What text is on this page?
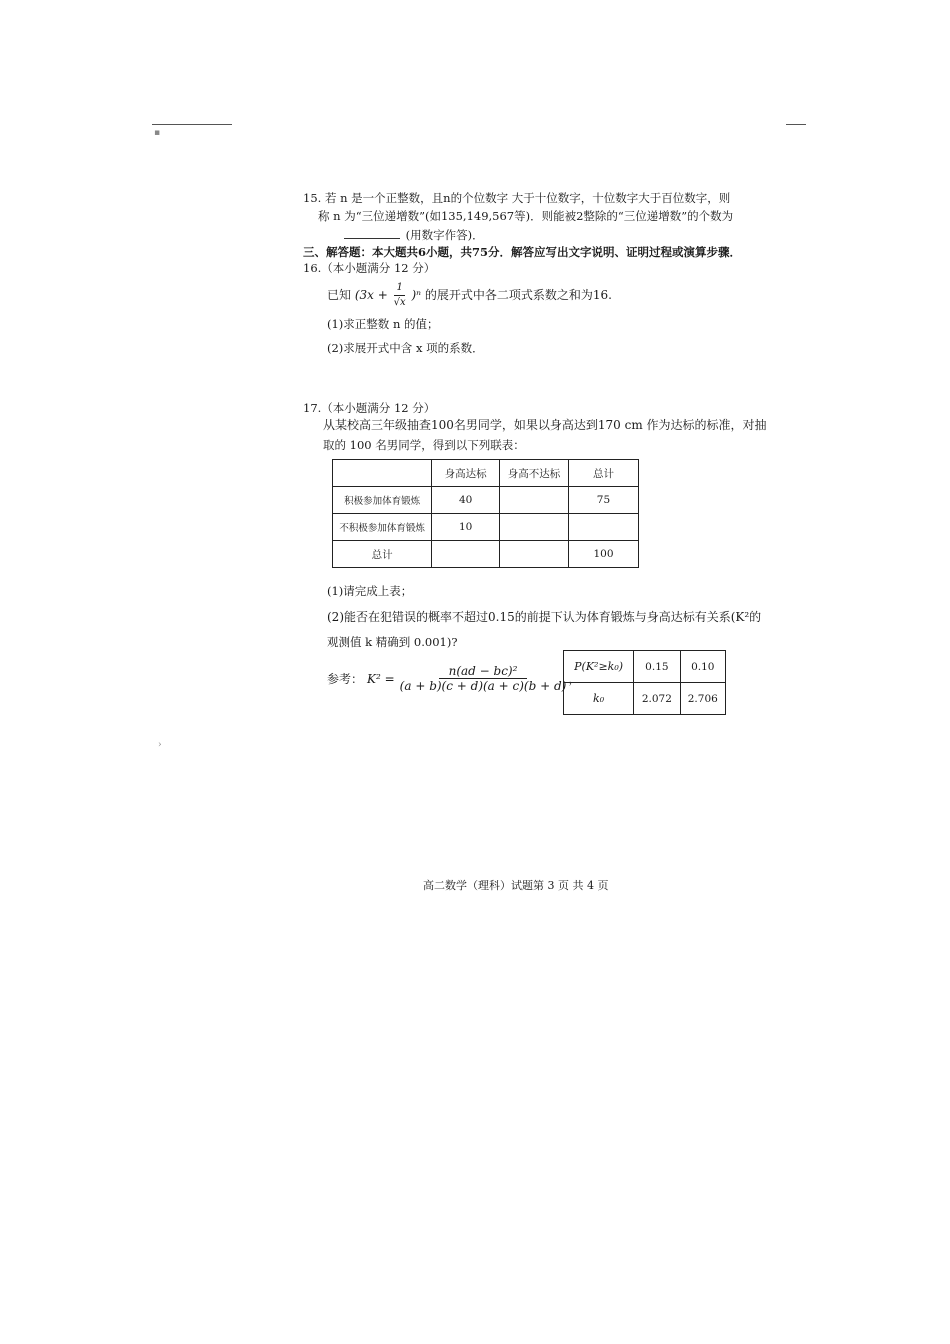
▪
15. 若 n 是一个正整数，且n的个位数字 大于十位数字，十位数字大于百位数字，则
称 n 为“三位递增数”(如135,149,567等)．则能被2整除的“三位递增数”的个数为
(用数字作答)．
三、解答题：本大题共6小题，共75分．解答应写出文字说明、证明过程或演算步骤．
16.（本小题满分 12 分）
已知 $(3x + \frac{1}{√x} )^n$ 的展开式中各二项式系数之和为16.
(1)求正整数 n 的值；
(2)求展开式中含 x 项的系数．
17.（本小题满分 12 分）
从某校高三年级抽查100名男同学，如果以身高达到170 cm 作为达标的标准，对抽
取的 100 名男同学，得到以下列联表：
	身高达标	身高不达标	总计
积极参加体育锻炼	40		75
不积极参加体育锻炼	10		
总计			100
(1)请完成上表；
(2)能否在犯错误的概率不超过0.15的前提下认为体育锻炼与身高达标有关系(K²的
观测值 k 精确到 0.001)?
参考： $K^2 = \frac{\text{n(ad − bc)²}}{(a + b)(c + d)(a + c)(b + d)}$ ，
P(K²≥k₀)	0.15	0.10
k₀	2.072	2.706
›
高二数学（理科）试题第 3 页 共 4 页
